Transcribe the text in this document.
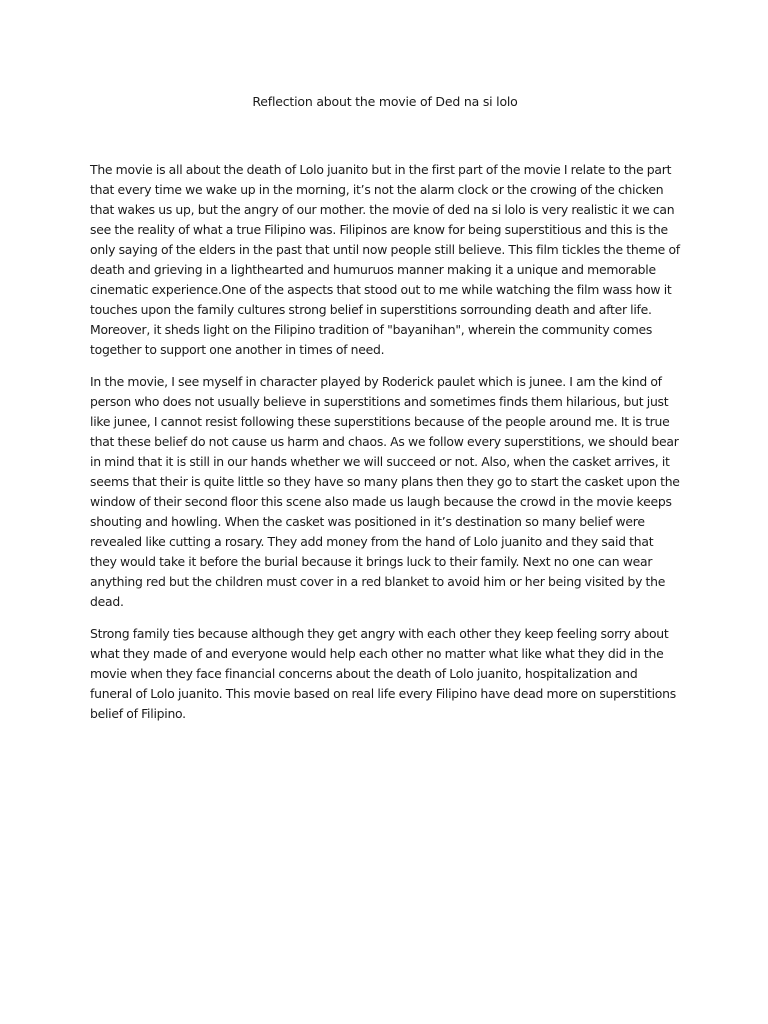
Reflection about the movie of Ded na si lolo

The movie is all about the death of Lolo juanito but in the first part of the movie I relate to the part that every time we wake up in the morning, it’s not the alarm clock or the crowing of the chicken that wakes us up, but the angry of our mother. the movie of ded na si lolo is very realistic it we can see the reality of what a true Filipino was. Filipinos are know for being superstitious and this is the only saying of the elders in the past that until now people still believe. This film tickles the theme of death and grieving in a lighthearted and humuruos manner making it a unique and memorable cinematic experience.One of the aspects that stood out to me while watching the film wass how it touches upon the family cultures strong belief in superstitions sorrounding death and after life. Moreover, it sheds light on the Filipino tradition of "bayanihan", wherein the community comes together to support one another in times of need.

In the movie, I see myself in character played by Roderick paulet which is junee. I am the kind of person who does not usually believe in superstitions and sometimes finds them hilarious, but just like junee, I cannot resist following these superstitions because of the people around me. It is true that these belief do not cause us harm and chaos. As we follow every superstitions, we should bear in mind that it is still in our hands whether we will succeed or not. Also, when the casket arrives, it seems that their is quite little so they have so many plans then they go to start the casket upon the window of their second floor this scene also made us laugh because the crowd in the movie keeps shouting and howling. When the casket was positioned in it’s destination so many belief were revealed like cutting a rosary. They add money from the hand of Lolo juanito and they said that they would take it before the burial because it brings luck to their family. Next no one can wear anything red but the children must cover in a red blanket to avoid him or her being visited by the dead.

Strong family ties because although they get angry with each other they keep feeling sorry about what they made of and everyone would help each other no matter what like what they did in the movie when they face financial concerns about the death of Lolo juanito, hospitalization and funeral of Lolo juanito. This movie based on real life every Filipino have dead more on superstitions belief of Filipino.
